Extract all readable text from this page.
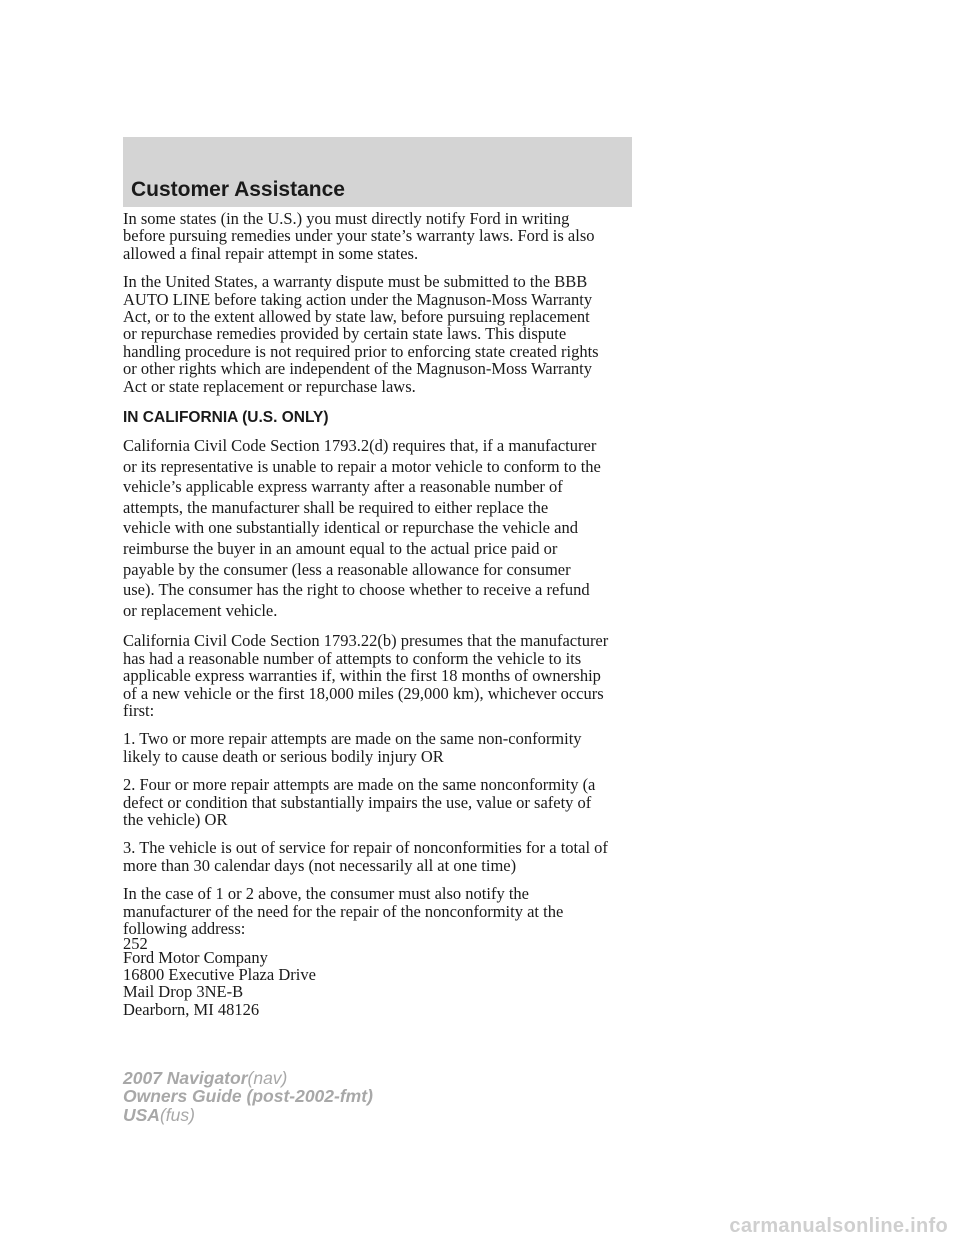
Customer Assistance

In some states (in the U.S.) you must directly notify Ford in writing
before pursuing remedies under your state’s warranty laws. Ford is also
allowed a final repair attempt in some states.

In the United States, a warranty dispute must be submitted to the BBB
AUTO LINE before taking action under the Magnuson-Moss Warranty
Act, or to the extent allowed by state law, before pursuing replacement
or repurchase remedies provided by certain state laws. This dispute
handling procedure is not required prior to enforcing state created rights
or other rights which are independent of the Magnuson-Moss Warranty
Act or state replacement or repurchase laws.

IN CALIFORNIA (U.S. ONLY)

California Civil Code Section 1793.2(d) requires that, if a manufacturer
or its representative is unable to repair a motor vehicle to conform to the
vehicle’s applicable express warranty after a reasonable number of
attempts, the manufacturer shall be required to either replace the
vehicle with one substantially identical or repurchase the vehicle and
reimburse the buyer in an amount equal to the actual price paid or
payable by the consumer (less a reasonable allowance for consumer
use). The consumer has the right to choose whether to receive a refund
or replacement vehicle.

California Civil Code Section 1793.22(b) presumes that the manufacturer
has had a reasonable number of attempts to conform the vehicle to its
applicable express warranties if, within the first 18 months of ownership
of a new vehicle or the first 18,000 miles (29,000 km), whichever occurs
first:

1. Two or more repair attempts are made on the same non-conformity
likely to cause death or serious bodily injury OR

2. Four or more repair attempts are made on the same nonconformity (a
defect or condition that substantially impairs the use, value or safety of
the vehicle) OR

3. The vehicle is out of service for repair of nonconformities for a total of
more than 30 calendar days (not necessarily all at one time)

In the case of 1 or 2 above, the consumer must also notify the
manufacturer of the need for the repair of the nonconformity at the
following address:

Ford Motor Company
16800 Executive Plaza Drive
Mail Drop 3NE-B
Dearborn, MI 48126

252
2007 Navigator(nav)
Owners Guide (post-2002-fmt)
USA(fus)
carmanualsonline.info
